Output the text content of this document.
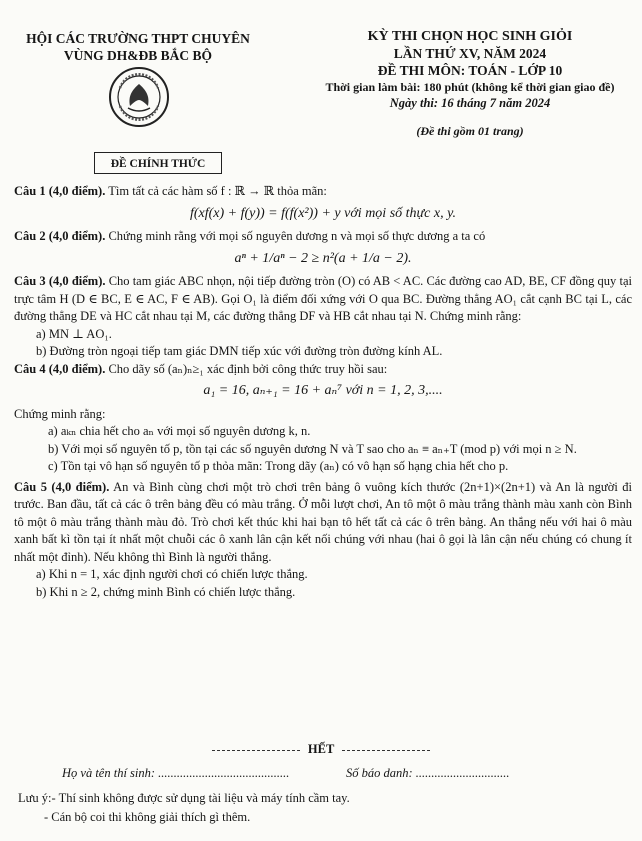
HỘI CÁC TRƯỜNG THPT CHUYÊN
VÙNG DH&ĐB BẮC BỘ
ĐỀ CHÍNH THỨC
KỲ THI CHỌN HỌC SINH GIỎI
LẦN THỨ XV, NĂM 2024
ĐỀ THI MÔN: TOÁN - LỚP 10
Thời gian làm bài: 180 phút (không kể thời gian giao đề)
Ngày thi: 16 tháng 7 năm 2024
(Đề thi gồm 01 trang)

Câu 1 (4,0 điểm). Tìm tất cả các hàm số f : ℝ → ℝ thỏa mãn:

f(xf(x) + f(y)) = f(f(x²)) + y với mọi số thực x, y.

Câu 2 (4,0 điểm). Chứng minh rằng với mọi số nguyên dương n và mọi số thực dương a ta có

aⁿ + 1/aⁿ − 2 ≥ n²(a + 1/a − 2).

Câu 3 (4,0 điểm). Cho tam giác ABC nhọn, nội tiếp đường tròn (O) có AB < AC. Các đường cao AD, BE, CF đồng quy tại trực tâm H (D ∈ BC, E ∈ AC, F ∈ AB). Gọi O₁ là điểm đối xứng với O qua BC. Đường thẳng AO₁ cắt cạnh BC tại L, các đường thẳng DE và HC cắt nhau tại M, các đường thẳng DF và HB cắt nhau tại N. Chứng minh rằng:

a) MN ⊥ AO₁.

b) Đường tròn ngoại tiếp tam giác DMN tiếp xúc với đường tròn đường kính AL.

Câu 4 (4,0 điểm). Cho dãy số (aₙ)ₙ≥₁ xác định bởi công thức truy hồi sau:

a₁ = 16, aₙ₊₁ = 16 + aₙ⁷ với n = 1, 2, 3,....

Chứng minh rằng:

a) aₖₙ chia hết cho aₙ với mọi số nguyên dương k, n.

b) Với mọi số nguyên tố p, tồn tại các số nguyên dương N và T sao cho aₙ ≡ aₙ₊T (mod p) với mọi n ≥ N.

c) Tồn tại vô hạn số nguyên tố p thỏa mãn: Trong dãy (aₙ) có vô hạn số hạng chia hết cho p.

Câu 5 (4,0 điểm). An và Bình cùng chơi một trò chơi trên bảng ô vuông kích thước (2n+1)×(2n+1) và An là người đi trước. Ban đầu, tất cả các ô trên bảng đều có màu trắng. Ở mỗi lượt chơi, An tô một ô màu trắng thành màu xanh còn Bình tô một ô màu trắng thành màu đỏ. Trò chơi kết thúc khi hai bạn tô hết tất cả các ô trên bảng. An thắng nếu với hai ô màu xanh bất kì tồn tại ít nhất một chuỗi các ô xanh lân cận kết nối chúng với nhau (hai ô gọi là lân cận nếu chúng có chung ít nhất một đỉnh). Nếu không thì Bình là người thắng.

a) Khi n = 1, xác định người chơi có chiến lược thắng.

b) Khi n ≥ 2, chứng minh Bình có chiến lược thắng.

HẾT
Họ và tên thí sinh: ..........................................	Số báo danh: ..............................
Lưu ý:- Thí sinh không được sử dụng tài liệu và máy tính cầm tay.
- Cán bộ coi thi không giải thích gì thêm.
